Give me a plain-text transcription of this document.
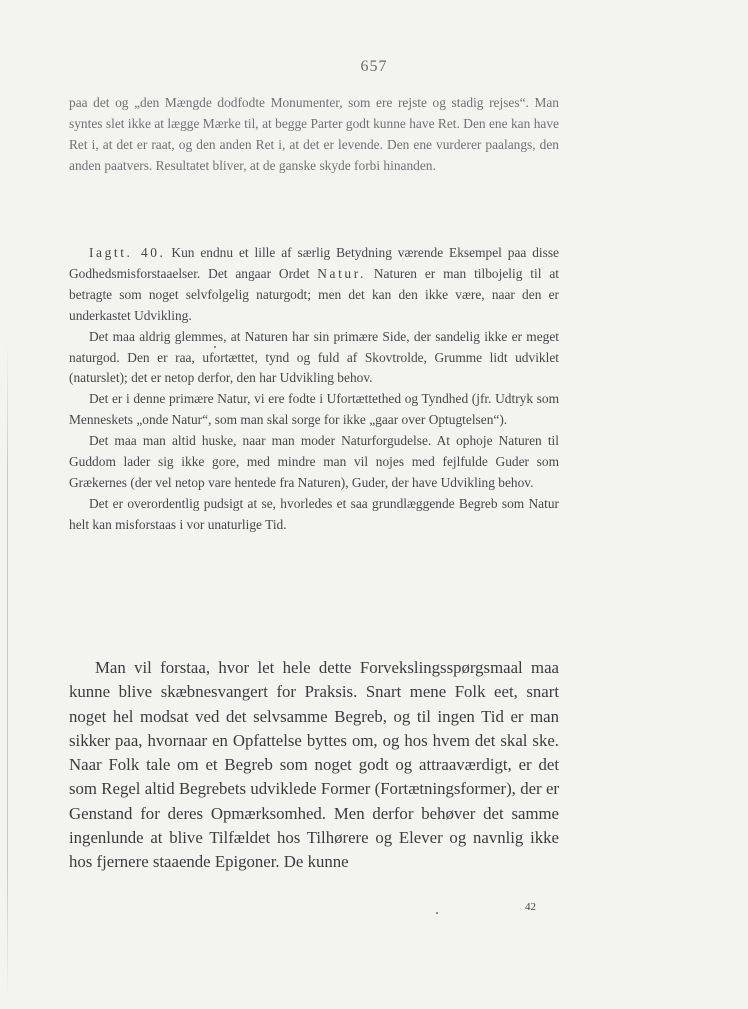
657

paa det og „den Mængde dodfodte Monumenter, som ere rejste og stadig rejses“. Man syntes slet ikke at lægge Mærke til, at begge Parter godt kunne have Ret. Den ene kan have Ret i, at det er raat, og den anden Ret i, at det er levende. Den ene vurderer paalangs, den anden paatvers. Resultatet bliver, at de ganske skyde forbi hinanden.

Iagtt. 40. Kun endnu et lille af særlig Betydning værende Eksempel paa disse Godhedsmisforstaaelser. Det angaar Ordet Natur. Naturen er man tilbojelig til at betragte som noget selvfolgelig naturgodt; men det kan den ikke være, naar den er underkastet Udvikling.

Det maa aldrig glemmes, at Naturen har sin primære Side, der sandelig ikke er meget naturgod. Den er raa, ufortættet, tynd og fuld af Skovtrolde, Grumme lidt udviklet (naturslet); det er netop derfor, den har Udvikling behov.

Det er i denne primære Natur, vi ere fodte i Ufortættethed og Tyndhed (jfr. Udtryk som Menneskets „onde Natur“, som man skal sorge for ikke „gaar over Optugtelsen“).

Det maa man altid huske, naar man moder Naturforgudelse. At ophoje Naturen til Guddom lader sig ikke gore, med mindre man vil nojes med fejlfulde Guder som Grækernes (der vel netop vare hentede fra Naturen), Guder, der have Udvikling behov.

Det er overordentlig pudsigt at se, hvorledes et saa grundlæggende Begreb som Natur helt kan misforstaas i vor unaturlige Tid.

Man vil forstaa, hvor let hele dette Forvekslingsspørgsmaal maa kunne blive skæbnesvangert for Praksis. Snart mene Folk eet, snart noget hel modsat ved det selvsamme Begreb, og til ingen Tid er man sikker paa, hvornaar en Opfattelse byttes om, og hos hvem det skal ske. Naar Folk tale om et Begreb som noget godt og attraaværdigt, er det som Regel altid Begrebets udviklede Former (Fortætningsformer), der er Genstand for deres Opmærksomhed. Men derfor behøver det samme ingenlunde at blive Tilfældet hos Tilhørere og Elever og navnlig ikke hos fjernere staaende Epigoner. De kunne

42
